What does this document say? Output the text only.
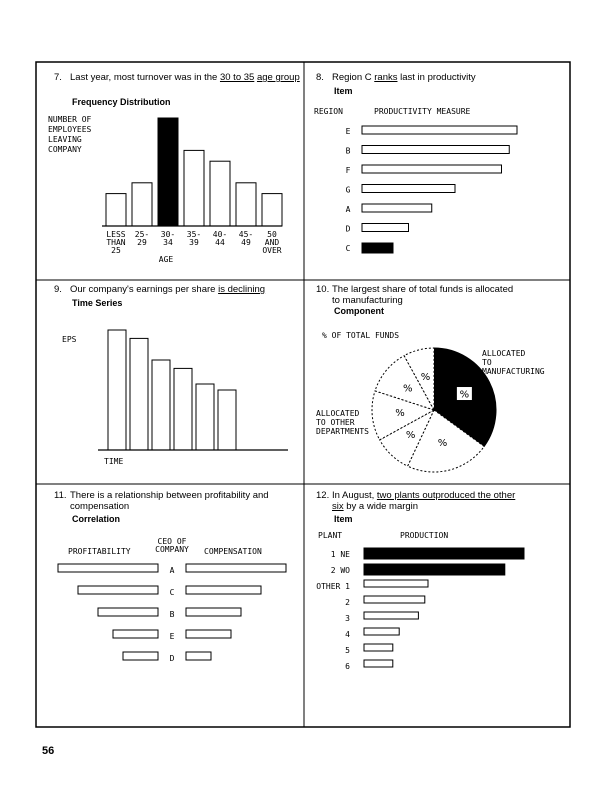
7. Last year, most turnover was in the 30 to 35 age group
Frequency Distribution
NUMBER OF
EMPLOYEES
LEAVING
COMPANY
LESS
THAN
25
25-
29
30-
34
35-
39
40-
44
45-
49
50
AND
OVER
AGE
8. Region C ranks last in productivity
Item
REGION	PRODUCTIVITY MEASURE
E
B
F
G
A
D
C
9. Our company's earnings per share is declining
Time Series
EPS
TIME
10. The largest share of total funds is allocated
to manufacturing
Component
% OF TOTAL FUNDS
%
%
%
%
%
%
ALLOCATED
TO
MANUFACTURING
ALLOCATED
TO OTHER
DEPARTMENTS
11. There is a relationship between profitability and compensation
Correlation
CEO OF
COMPANY
PROFITABILITY	COMPENSATION
A
C
B
E
D
12. In August, two plants outproduced the other
six by a wide margin
Item
PLANT	PRODUCTION
1 NE
2 WO
OTHER 1
2
3
4
5
6
56
